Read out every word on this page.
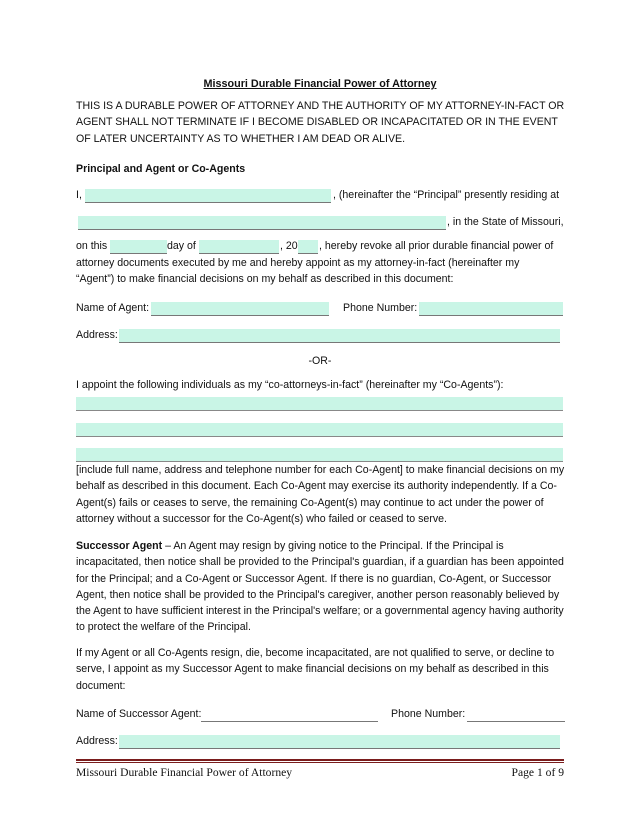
Missouri Durable Financial Power of Attorney
THIS IS A DURABLE POWER OF ATTORNEY AND THE AUTHORITY OF MY ATTORNEY-IN-FACT OR AGENT SHALL NOT TERMINATE IF I BECOME DISABLED OR INCAPACITATED OR IN THE EVENT OF LATER UNCERTAINTY AS TO WHETHER I AM DEAD OR ALIVE.
Principal and Agent or Co-Agents
I,	, (hereinafter the “Principal” presently residing at
, in the State of Missouri,
on this	day of	, 20 , hereby revoke all prior durable financial power of
attorney documents executed by me and hereby appoint as my attorney-in-fact (hereinafter my
“Agent”) to make financial decisions on my behalf as described in this document:
Name of Agent:	Phone Number:
Address:
-OR-
I appoint the following individuals as my “co-attorneys-in-fact” (hereinafter my “Co-Agents”):
[include full name, address and telephone number for each Co-Agent] to make financial decisions on my behalf as described in this document. Each Co-Agent may exercise its authority independently. If a Co-Agent(s) fails or ceases to serve, the remaining Co-Agent(s) may continue to act under the power of attorney without a successor for the Co-Agent(s) who failed or ceased to serve.
Successor Agent – An Agent may resign by giving notice to the Principal. If the Principal is incapacitated, then notice shall be provided to the Principal's guardian, if a guardian has been appointed for the Principal; and a Co-Agent or Successor Agent. If there is no guardian, Co-Agent, or Successor Agent, then notice shall be provided to the Principal's caregiver, another person reasonably believed by the Agent to have sufficient interest in the Principal's welfare; or a governmental agency having authority to protect the welfare of the Principal.
If my Agent or all Co-Agents resign, die, become incapacitated, are not qualified to serve, or decline to serve, I appoint as my Successor Agent to make financial decisions on my behalf as described in this document:
Name of Successor Agent:	Phone Number:
Address:
Missouri Durable Financial Power of Attorney	Page 1 of 9
